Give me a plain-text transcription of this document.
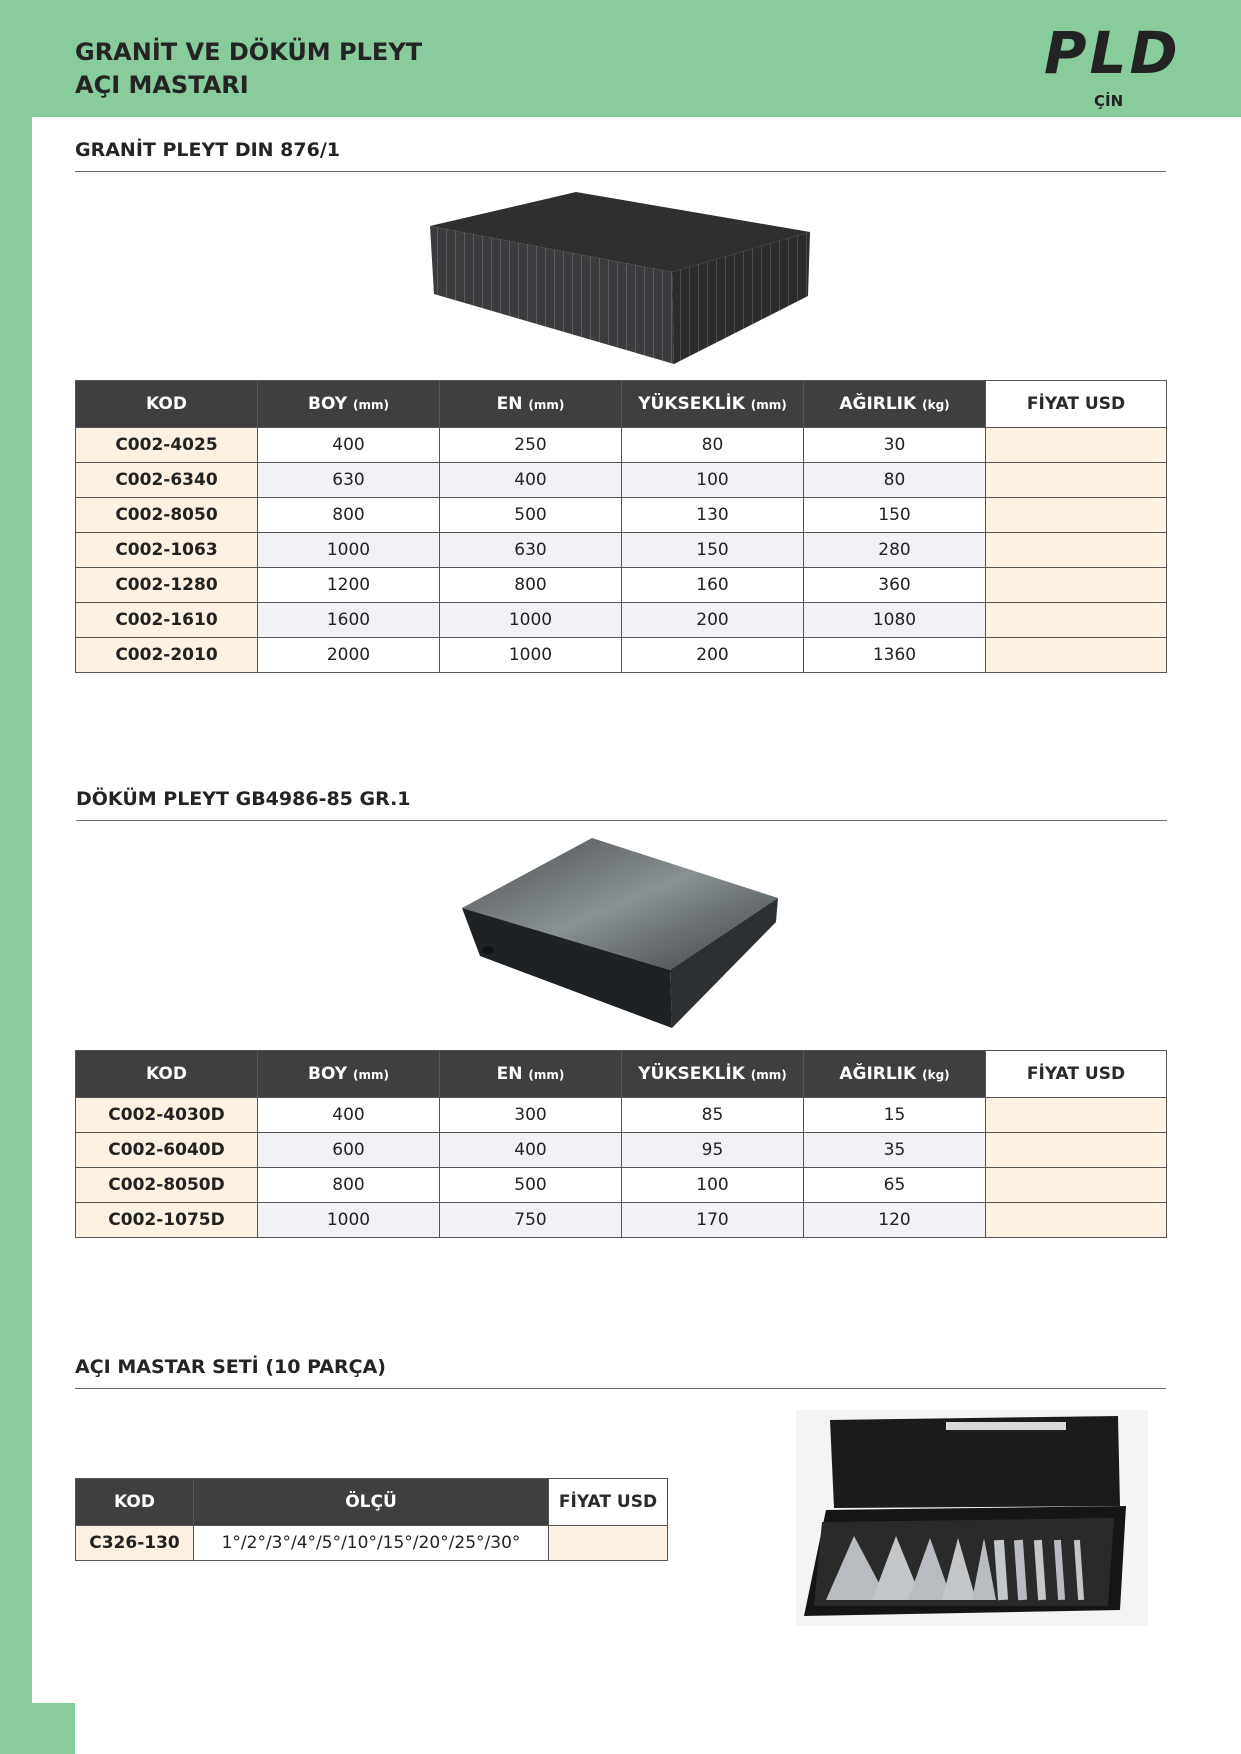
GRANİT VE DÖKÜM PLEYT
AÇI MASTARI	PLD
ÇİN
GRANİT PLEYT DIN 876/1
KOD	BOY (mm)	EN (mm)	YÜKSEKLİK (mm)	AĞIRLIK (kg)	FİYAT USD
C002-4025	400	250	80	30	
C002-6340	630	400	100	80	
C002-8050	800	500	130	150	
C002-1063	1000	630	150	280	
C002-1280	1200	800	160	360	
C002-1610	1600	1000	200	1080	
C002-2010	2000	1000	200	1360	
DÖKÜM PLEYT GB4986-85 GR.1
KOD	BOY (mm)	EN (mm)	YÜKSEKLİK (mm)	AĞIRLIK (kg)	FİYAT USD
C002-4030D	400	300	85	15	
C002-6040D	600	400	95	35	
C002-8050D	800	500	100	65	
C002-1075D	1000	750	170	120	
AÇI MASTAR SETİ (10 PARÇA)
KOD	ÖLÇÜ	FİYAT USD
C326-130	1°/2°/3°/4°/5°/10°/15°/20°/25°/30°	
